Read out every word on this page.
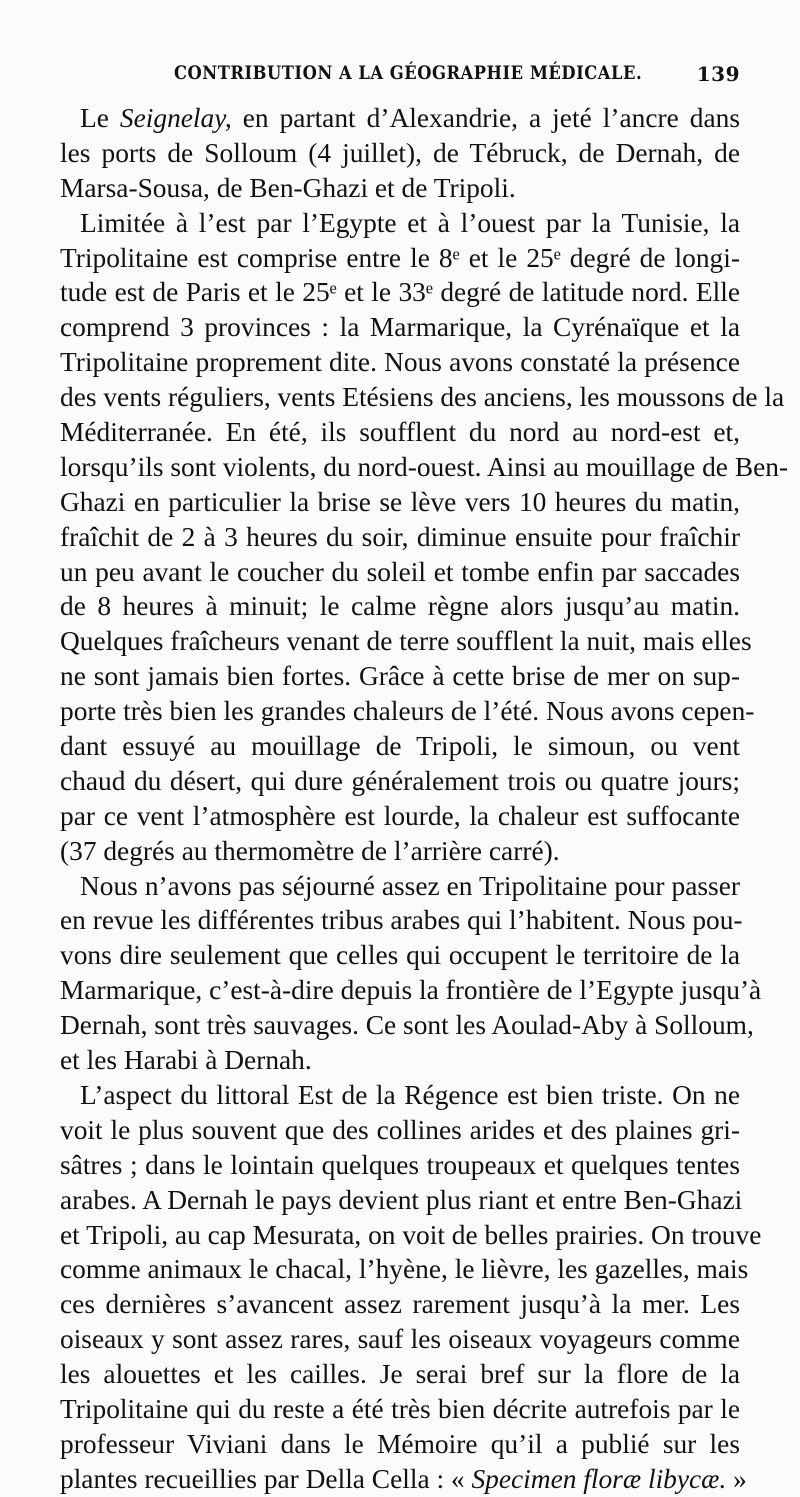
CONTRIBUTION A LA GÉOGRAPHIE MÉDICALE.	139
Le Seignelay, en partant d’Alexandrie, a jeté l’ancre dans
les ports de Solloum (4 juillet), de Tébruck, de Dernah, de
Marsa-Sousa, de Ben-Ghazi et de Tripoli.
Limitée à l’est par l’Egypte et à l’ouest par la Tunisie, la
Tripolitaine est comprise entre le 8ᵉ et le 25ᵉ degré de longi-
tude est de Paris et le 25ᵉ et le 33ᵉ degré de latitude nord. Elle
comprend 3 provinces : la Marmarique, la Cyrénaïque et la
Tripolitaine proprement dite. Nous avons constaté la présence
des vents réguliers, vents Etésiens des anciens, les moussons de la
Méditerranée. En été, ils soufflent du nord au nord-est et,
lorsqu’ils sont violents, du nord-ouest. Ainsi au mouillage de Ben-
Ghazi en particulier la brise se lève vers 10 heures du matin,
fraîchit de 2 à 3 heures du soir, diminue ensuite pour fraîchir
un peu avant le coucher du soleil et tombe enfin par saccades
de 8 heures à minuit; le calme règne alors jusqu’au matin.
Quelques fraîcheurs venant de terre soufflent la nuit, mais elles
ne sont jamais bien fortes. Grâce à cette brise de mer on sup-
porte très bien les grandes chaleurs de l’été. Nous avons cepen-
dant essuyé au mouillage de Tripoli, le simoun, ou vent
chaud du désert, qui dure généralement trois ou quatre jours;
par ce vent l’atmosphère est lourde, la chaleur est suffocante
(37 degrés au thermomètre de l’arrière carré).
Nous n’avons pas séjourné assez en Tripolitaine pour passer
en revue les différentes tribus arabes qui l’habitent. Nous pou-
vons dire seulement que celles qui occupent le territoire de la
Marmarique, c’est-à-dire depuis la frontière de l’Egypte jusqu’à
Dernah, sont très sauvages. Ce sont les Aoulad-Aby à Solloum,
et les Harabi à Dernah.
L’aspect du littoral Est de la Régence est bien triste. On ne
voit le plus souvent que des collines arides et des plaines gri-
sâtres ; dans le lointain quelques troupeaux et quelques tentes
arabes. A Dernah le pays devient plus riant et entre Ben-Ghazi
et Tripoli, au cap Mesurata, on voit de belles prairies. On trouve
comme animaux le chacal, l’hyène, le lièvre, les gazelles, mais
ces dernières s’avancent assez rarement jusqu’à la mer. Les
oiseaux y sont assez rares, sauf les oiseaux voyageurs comme
les alouettes et les cailles. Je serai bref sur la flore de la
Tripolitaine qui du reste a été très bien décrite autrefois par le
professeur Viviani dans le Mémoire qu’il a publié sur les
plantes recueillies par Della Cella : « Specimen floræ libycæ. »
